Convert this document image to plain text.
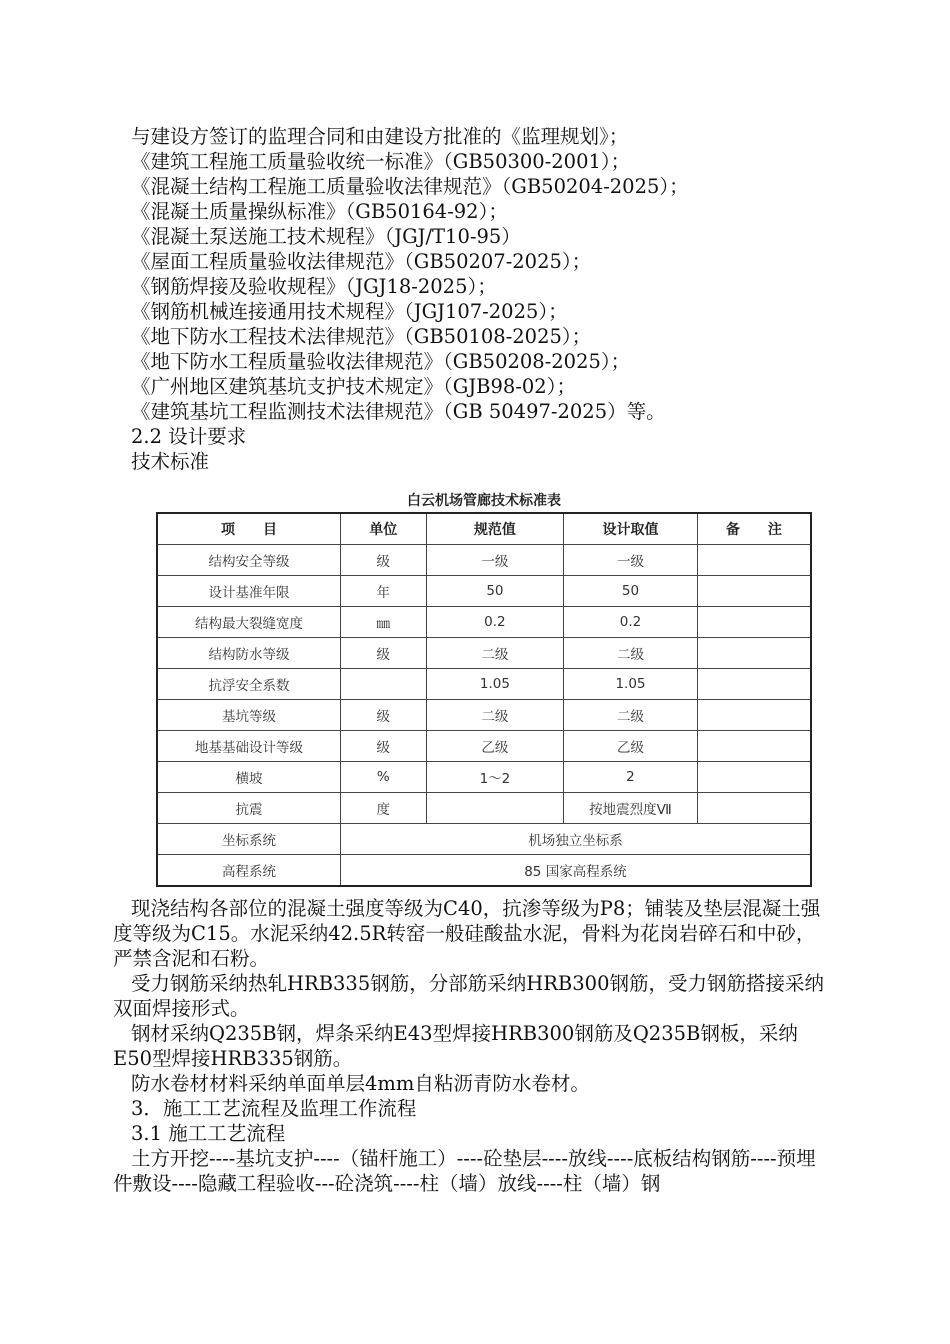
与建设方签订的监理合同和由建设方批准的《监理规划》；
《建筑工程施工质量验收统一标准》（GB50300-2001）；
《混凝土结构工程施工质量验收法律规范》（GB50204-2025）；
《混凝土质量操纵标准》（GB50164-92）；
《混凝土泵送施工技术规程》（JGJ/T10-95）
《屋面工程质量验收法律规范》（GB50207-2025）；
《钢筋焊接及验收规程》（JGJ18-2025）；
《钢筋机械连接通用技术规程》（JGJ107-2025）；
《地下防水工程技术法律规范》（GB50108-2025）；
《地下防水工程质量验收法律规范》（GB50208-2025）；
《广州地区建筑基坑支护技术规定》（GJB98-02）；
《建筑基坑工程监测技术法律规范》（GB 50497-2025）等。
2.2 设计要求
技术标准
白云机场管廊技术标准表
项　　目	单位	规范值	设计取值	备　　注
结构安全等级	级	一级	一级	
设计基准年限	年	50	50	
结构最大裂缝宽度	㎜	0.2	0.2	
结构防水等级	级	二级	二级	
抗浮安全系数		1.05	1.05	
基坑等级	级	二级	二级	
地基基础设计等级	级	乙级	乙级	
横坡	%	1～2	2	
抗震	度		按地震烈度Ⅶ	
坐标系统	机场独立坐标系			
高程系统	85 国家高程系统			

现浇结构各部位的混凝土强度等级为C40，抗渗等级为P8；铺装及垫层混凝土强度等级为C15。水泥采纳42.5R转窑一般硅酸盐水泥，骨料为花岗岩碎石和中砂，严禁含泥和石粉。

受力钢筋采纳热轧HRB335钢筋，分部筋采纳HRB300钢筋，受力钢筋搭接采纳双面焊接形式。

钢材采纳Q235B钢，焊条采纳E43型焊接HRB300钢筋及Q235B钢板，采纳E50型焊接HRB335钢筋。

防水卷材材料采纳单面单层4mm自粘沥青防水卷材。

3．施工工艺流程及监理工作流程

3.1 施工工艺流程

土方开挖----基坑支护----（锚杆施工）----砼垫层----放线----底板结构钢筋----预埋件敷设----隐藏工程验收---砼浇筑----柱（墙）放线----柱（墙）钢
